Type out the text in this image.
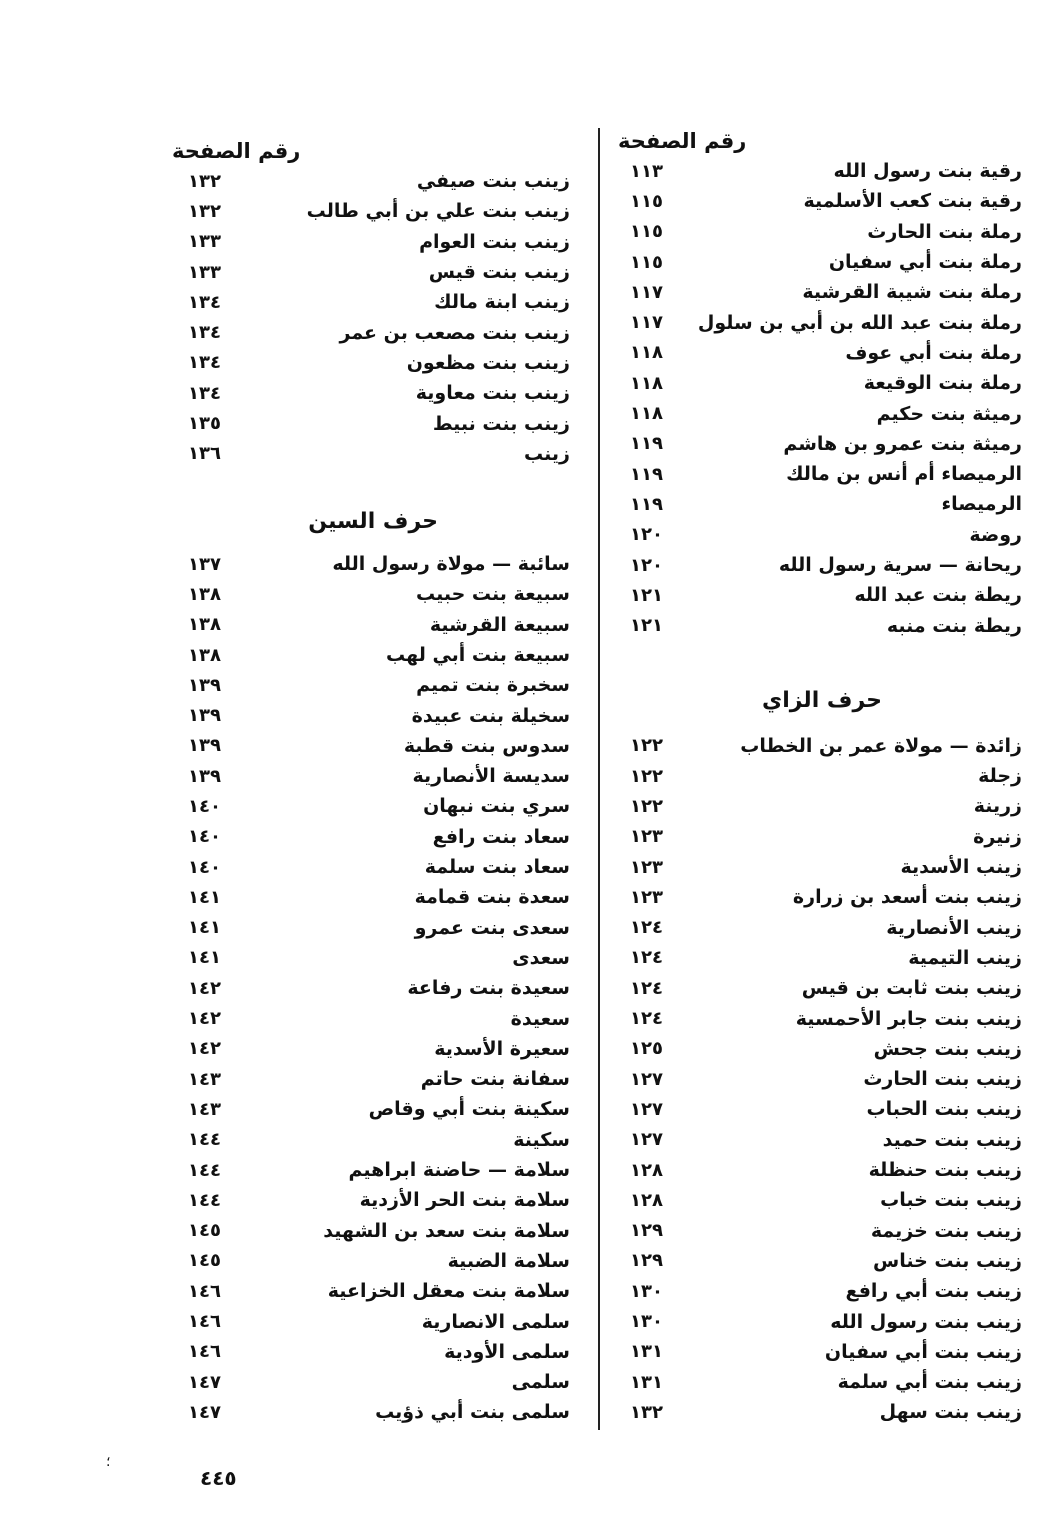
رقم الصفحة
١١٣	رقية بنت رسول الله
١١٥	رقية بنت كعب الأسلمية
١١٥	رملة بنت الحارث
١١٥	رملة بنت أبي سفيان
١١٧	رملة بنت شيبة القرشية
١١٧	رملة بنت عبد الله بن أبي بن سلول
١١٨	رملة بنت أبي عوف
١١٨	رملة بنت الوقيعة
١١٨	رميثة بنت حكيم
١١٩	رميثة بنت عمرو بن هاشم
١١٩	الرميصاء أم أنس بن مالك
١١٩	الرميصاء
١٢٠	روضة
١٢٠	ريحانة — سرية رسول الله
١٢١	ريطة بنت عبد الله
١٢١	ريطة بنت منبه
حرف الزاي
١٢٢	زائدة — مولاة عمر بن الخطاب
١٢٢	زجلة
١٢٢	زرينة
١٢٣	زنيرة
١٢٣	زينب الأسدية
١٢٣	زينب بنت أسعد بن زرارة
١٢٤	زينب الأنصارية
١٢٤	زينب التيمية
١٢٤	زينب بنت ثابت بن قيس
١٢٤	زينب بنت جابر الأحمسية
١٢٥	زينب بنت جحش
١٢٧	زينب بنت الحارث
١٢٧	زينب بنت الحباب
١٢٧	زينب بنت حميد
١٢٨	زينب بنت حنظلة
١٢٨	زينب بنت خباب
١٢٩	زينب بنت خزيمة
١٢٩	زينب بنت خناس
١٣٠	زينب بنت أبي رافع
١٣٠	زينب بنت رسول الله
١٣١	زينب بنت أبي سفيان
١٣١	زينب بنت أبي سلمة
١٣٢	زينب بنت سهل
رقم الصفحة
١٣٢	زينب بنت صيفي
١٣٢	زينب بنت علي بن أبي طالب
١٣٣	زينب بنت العوام
١٣٣	زينب بنت قيس
١٣٤	زينب ابنة مالك
١٣٤	زينب بنت مصعب بن عمر
١٣٤	زينب بنت مظعون
١٣٤	زينب بنت معاوية
١٣٥	زينب بنت نبيط
١٣٦	زينب
حرف السين
١٣٧	سائبة — مولاة رسول الله
١٣٨	سبيعة بنت حبيب
١٣٨	سبيعة القرشية
١٣٨	سبيعة بنت أبي لهب
١٣٩	سخبرة بنت تميم
١٣٩	سخيلة بنت عبيدة
١٣٩	سدوس بنت قطبة
١٣٩	سديسة الأنصارية
١٤٠	سري بنت نبهان
١٤٠	سعاد بنت رافع
١٤٠	سعاد بنت سلمة
١٤١	سعدة بنت قمامة
١٤١	سعدى بنت عمرو
١٤١	سعدى
١٤٢	سعيدة بنت رفاعة
١٤٢	سعيدة
١٤٢	سعيرة الأسدية
١٤٣	سفانة بنت حاتم
١٤٣	سكينة بنت أبي وقاص
١٤٤	سكينة
١٤٤	سلامة — حاضنة ابراهيم
١٤٤	سلامة بنت الحر الأزدية
١٤٥	سلامة بنت سعد بن الشهيد
١٤٥	سلامة الضبية
١٤٦	سلامة بنت معقل الخزاعية
١٤٦	سلمى الانصارية
١٤٦	سلمى الأودية
١٤٧	سلمى
١٤٧	سلمى بنت أبي ذؤيب
؛
٤٤٥
